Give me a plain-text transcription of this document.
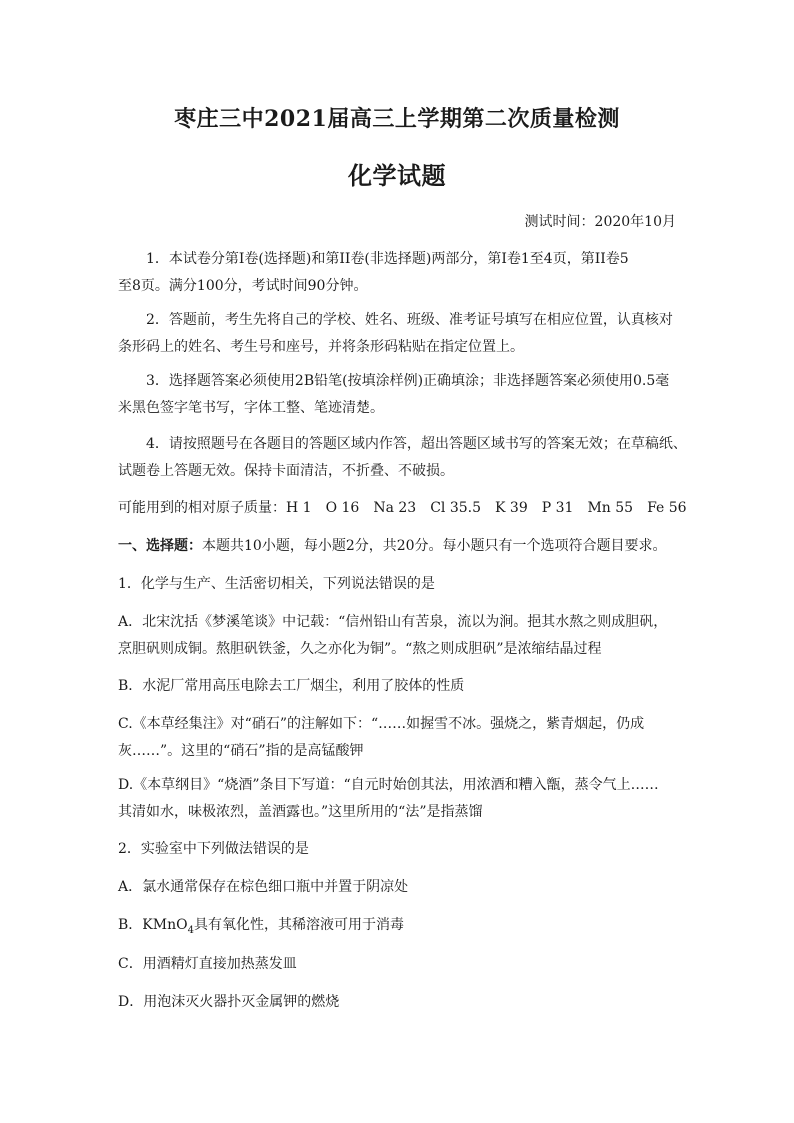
枣庄三中2021届高三上学期第二次质量检测
化学试题
测试时间：2020年10月
1．本试卷分第I卷(选择题)和第II卷(非选择题)两部分，第I卷1至4页，第II卷5
至8页。满分100分，考试时间90分钟。
2．答题前，考生先将自己的学校、姓名、班级、准考证号填写在相应位置，认真核对
条形码上的姓名、考生号和座号，并将条形码粘贴在指定位置上。
3．选择题答案必须使用2B铅笔(按填涂样例)正确填涂；非选择题答案必须使用0.5毫
米黑色签字笔书写，字体工整、笔迹清楚。
4．请按照题号在各题目的答题区域内作答，超出答题区域书写的答案无效；在草稿纸、
试题卷上答题无效。保持卡面清洁，不折叠、不破损。
可能用到的相对原子质量：H 1 O 16 Na 23 Cl 35.5 K 39 P 31 Mn 55 Fe 56
一、选择题：本题共10小题，每小题2分，共20分。每小题只有一个选项符合题目要求。
1．化学与生产、生活密切相关，下列说法错误的是
A．北宋沈括《梦溪笔谈》中记载：“信州铅山有苦泉，流以为涧。挹其水熬之则成胆矾，
烹胆矾则成铜。熬胆矾铁釜，久之亦化为铜”。“熬之则成胆矾”是浓缩结晶过程
B．水泥厂常用高压电除去工厂烟尘，利用了胶体的性质
C.《本草经集注》对“硝石”的注解如下：“……如握雪不冰。强烧之，紫青烟起，仍成
灰……”。这里的“硝石”指的是高锰酸钾
D.《本草纲目》“烧酒”条目下写道：“自元时始创其法，用浓酒和糟入甑，蒸令气上……
其清如水，味极浓烈，盖酒露也。”这里所用的“法”是指蒸馏
2．实验室中下列做法错误的是
A．氯水通常保存在棕色细口瓶中并置于阴凉处
B．KMnO$_4$具有氧化性，其稀溶液可用于消毒
C．用酒精灯直接加热蒸发皿
D．用泡沫灭火器扑灭金属钾的燃烧
